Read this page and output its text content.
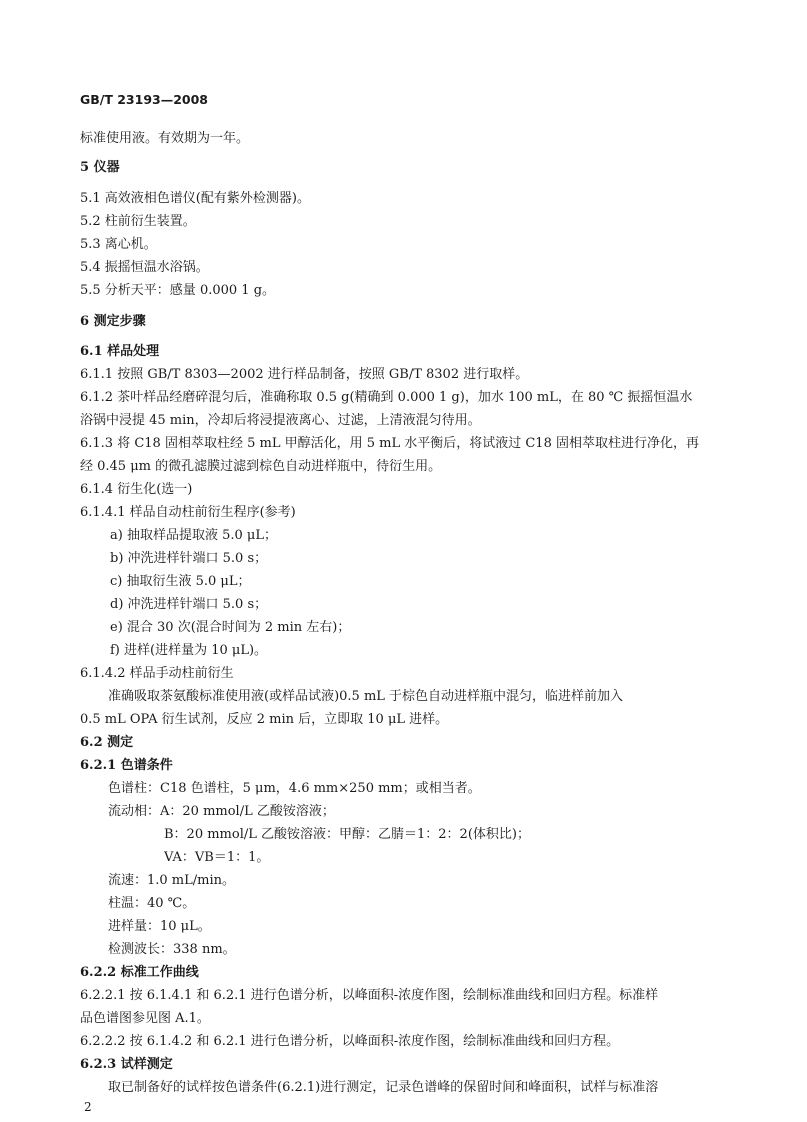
GB/T 23193—2008
标准使用液。有效期为一年。
5 仪器
5.1 高效液相色谱仪(配有紫外检测器)。
5.2 柱前衍生装置。
5.3 离心机。
5.4 振摇恒温水浴锅。
5.5 分析天平：感量 0.000 1 g。
6 测定步骤
6.1 样品处理
6.1.1 按照 GB/T 8303—2002 进行样品制备，按照 GB/T 8302 进行取样。
6.1.2 茶叶样品经磨碎混匀后，准确称取 0.5 g(精确到 0.000 1 g)，加水 100 mL，在 80 ℃ 振摇恒温水
浴锅中浸提 45 min，冷却后将浸提液离心、过滤，上清液混匀待用。
6.1.3 将 C18 固相萃取柱经 5 mL 甲醇活化，用 5 mL 水平衡后，将试液过 C18 固相萃取柱进行净化，再
经 0.45 μm 的微孔滤膜过滤到棕色自动进样瓶中，待衍生用。
6.1.4 衍生化(选一)
6.1.4.1 样品自动柱前衍生程序(参考)
a) 抽取样品提取液 5.0 μL；
b) 冲洗进样针端口 5.0 s；
c) 抽取衍生液 5.0 μL；
d) 冲洗进样针端口 5.0 s；
e) 混合 30 次(混合时间为 2 min 左右)；
f) 进样(进样量为 10 μL)。
6.1.4.2 样品手动柱前衍生
准确吸取茶氨酸标准使用液(或样品试液)0.5 mL 于棕色自动进样瓶中混匀，临进样前加入
0.5 mL OPA 衍生试剂，反应 2 min 后，立即取 10 μL 进样。
6.2 测定
6.2.1 色谱条件
色谱柱：C18 色谱柱，5 μm，4.6 mm×250 mm；或相当者。
流动相：A：20 mmol/L 乙酸铵溶液；
B：20 mmol/L 乙酸铵溶液：甲醇：乙腈＝1：2：2(体积比)；
VA：VB＝1：1。
流速：1.0 mL/min。
柱温：40 ℃。
进样量：10 μL。
检测波长：338 nm。
6.2.2 标准工作曲线
6.2.2.1 按 6.1.4.1 和 6.2.1 进行色谱分析，以峰面积-浓度作图，绘制标准曲线和回归方程。标准样
品色谱图参见图 A.1。
6.2.2.2 按 6.1.4.2 和 6.2.1 进行色谱分析，以峰面积-浓度作图，绘制标准曲线和回归方程。
6.2.3 试样测定
取已制备好的试样按色谱条件(6.2.1)进行测定，记录色谱峰的保留时间和峰面积，试样与标准溶
2
